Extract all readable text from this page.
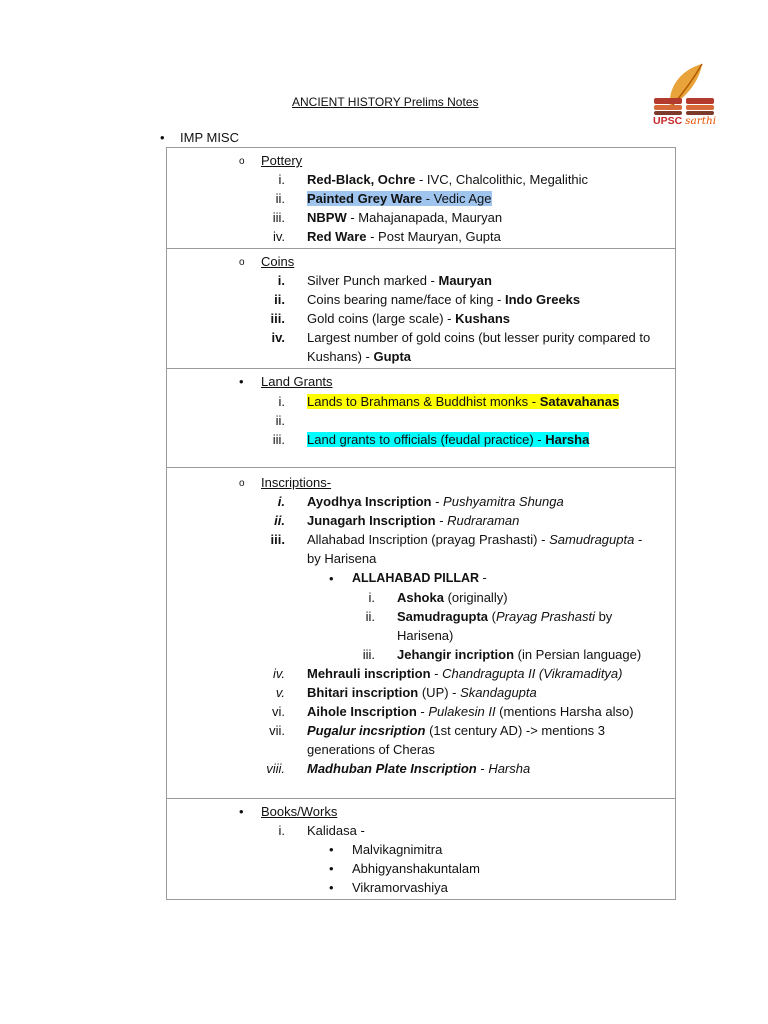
ANCIENT HISTORY Prelims Notes
UPSC sarthi
• IMP MISC
o Pottery
i. Red-Black, Ochre - IVC, Chalcolithic, Megalithic
ii. Painted Grey Ware - Vedic Age
iii. NBPW - Mahajanapada, Mauryan
iv. Red Ware - Post Mauryan, Gupta
o Coins
i. Silver Punch marked - Mauryan
ii. Coins bearing name/face of king - Indo Greeks
iii. Gold coins (large scale) - Kushans
iv. Largest number of gold coins (but lesser purity compared to
Kushans) - Gupta
• Land Grants
i. Lands to Brahmans & Buddhist monks - Satavahanas
ii.
iii. Land grants to officials (feudal practice) - Harsha
o Inscriptions-
i. Ayodhya Inscription - Pushyamitra Shunga
ii. Junagarh Inscription - Rudraraman
iii. Allahabad Inscription (prayag Prashasti) - Samudragupta -
by Harisena
• ALLAHABAD PILLAR -
i. Ashoka (originally)
ii. Samudragupta (Prayag Prashasti by
Harisena)
iii. Jehangir incription (in Persian language)
iv. Mehrauli inscription - Chandragupta II (Vikramaditya)
v. Bhitari inscription (UP) - Skandagupta
vi. Aihole Inscription - Pulakesin II (mentions Harsha also)
vii. Pugalur incsription (1st century AD) -> mentions 3
generations of Cheras
viii. Madhuban Plate Inscription - Harsha
• Books/Works
i. Kalidasa -
• Malvikagnimitra
• Abhigyanshakuntalam
• Vikramorvashiya
